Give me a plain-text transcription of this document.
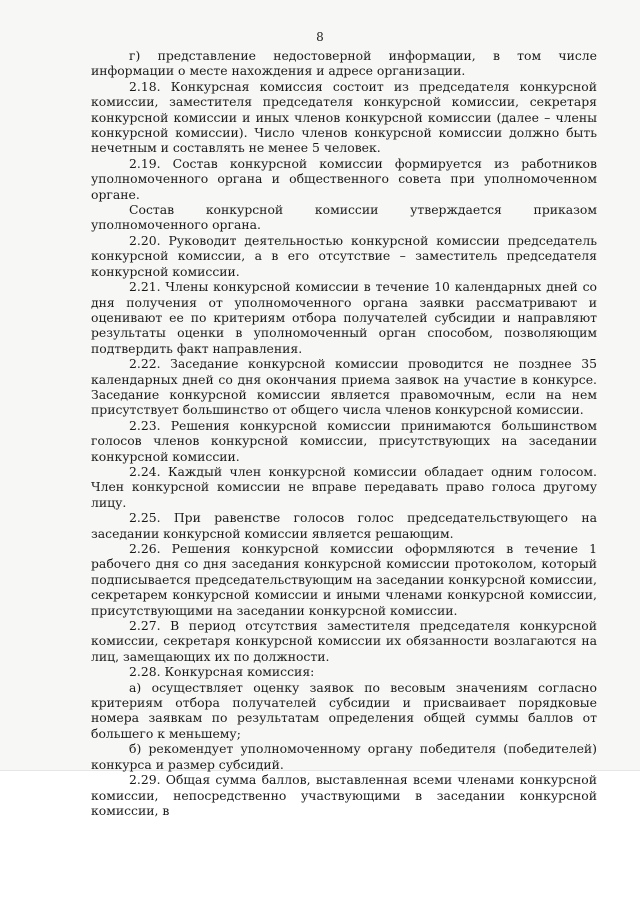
8

г) представление недостоверной информации, в том числе информации о месте нахождения и адресе организации.

2.18. Конкурсная комиссия состоит из председателя конкурсной комиссии, заместителя председателя конкурсной комиссии, секретаря конкурсной комиссии и иных членов конкурсной комиссии (далее – члены конкурсной комиссии). Число членов конкурсной комиссии должно быть нечетным и составлять не менее 5 человек.

2.19. Состав конкурсной комиссии формируется из работников уполномоченного органа и общественного совета при уполномоченном органе.

Состав конкурсной комиссии утверждается приказом уполномоченного органа.

2.20. Руководит деятельностью конкурсной комиссии председатель конкурсной комиссии, а в его отсутствие – заместитель председателя конкурсной комиссии.

2.21. Члены конкурсной комиссии в течение 10 календарных дней со дня получения от уполномоченного органа заявки рассматривают и оценивают ее по критериям отбора получателей субсидии и направляют результаты оценки в уполномоченный орган способом, позволяющим подтвердить факт направления.

2.22. Заседание конкурсной комиссии проводится не позднее 35 календарных дней со дня окончания приема заявок на участие в конкурсе. Заседание конкурсной комиссии является правомочным, если на нем присутствует большинство от общего числа членов конкурсной комиссии.

2.23. Решения конкурсной комиссии принимаются большинством голосов членов конкурсной комиссии, присутствующих на заседании конкурсной комиссии.

2.24. Каждый член конкурсной комиссии обладает одним голосом. Член конкурсной комиссии не вправе передавать право голоса другому лицу.

2.25. При равенстве голосов голос председательствующего на заседании конкурсной комиссии является решающим.

2.26. Решения конкурсной комиссии оформляются в течение 1 рабочего дня со дня заседания конкурсной комиссии протоколом, который подписывается председательствующим на заседании конкурсной комиссии, секретарем конкурсной комиссии и иными членами конкурсной комиссии, присутствующими на заседании конкурсной комиссии.

2.27. В период отсутствия заместителя председателя конкурсной комиссии, секретаря конкурсной комиссии их обязанности возлагаются на лиц, замещающих их по должности.

2.28. Конкурсная комиссия:

а) осуществляет оценку заявок по весовым значениям согласно критериям отбора получателей субсидии и присваивает порядковые номера заявкам по результатам определения общей суммы баллов от большего к меньшему;

б) рекомендует уполномоченному органу победителя (победителей) конкурса и размер субсидий.

2.29. Общая сумма баллов, выставленная всеми членами конкурсной комиссии, непосредственно участвующими в заседании конкурсной комиссии, в
